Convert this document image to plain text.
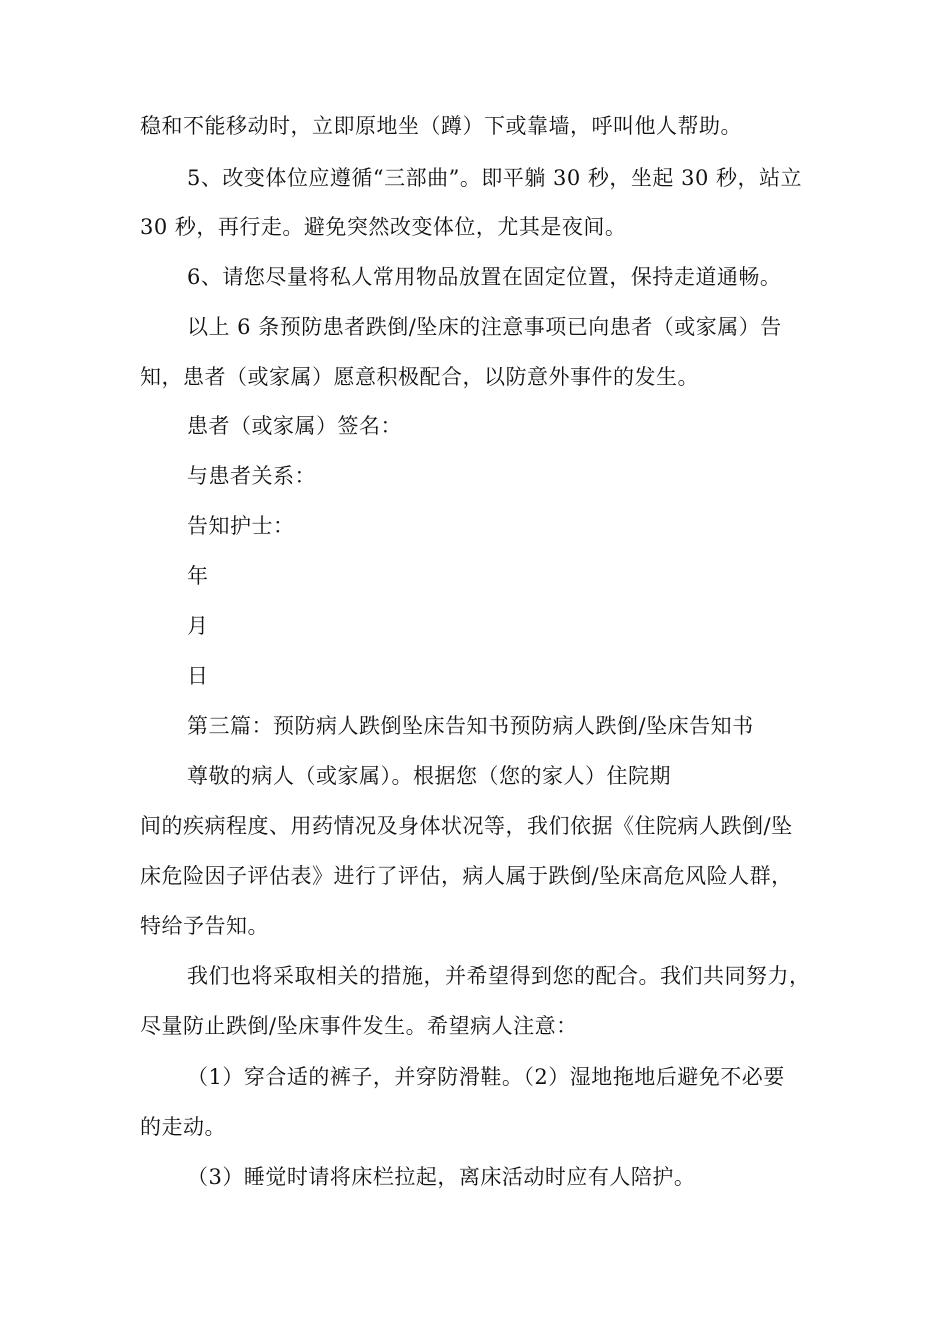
稳和不能移动时，立即原地坐（蹲）下或靠墙，呼叫他人帮助。
5、改变体位应遵循“三部曲”。即平躺 30 秒，坐起 30 秒，站立
30 秒，再行走。避免突然改变体位，尤其是夜间。
6、请您尽量将私人常用物品放置在固定位置，保持走道通畅。
以上 6 条预防患者跌倒/坠床的注意事项已向患者（或家属）告
知，患者（或家属）愿意积极配合，以防意外事件的发生。
患者（或家属）签名：
与患者关系：
告知护士：
年
月
日
第三篇：预防病人跌倒坠床告知书预防病人跌倒/坠床告知书
尊敬的病人（或家属）。根据您（您的家人）住院期
间的疾病程度、用药情况及身体状况等，我们依据《住院病人跌倒/坠
床危险因子评估表》进行了评估，病人属于跌倒/坠床高危风险人群，
特给予告知。
我们也将采取相关的措施，并希望得到您的配合。我们共同努力，
尽量防止跌倒/坠床事件发生。希望病人注意：
（1）穿合适的裤子，并穿防滑鞋。（2）湿地拖地后避免不必要
的走动。
（3）睡觉时请将床栏拉起，离床活动时应有人陪护。
